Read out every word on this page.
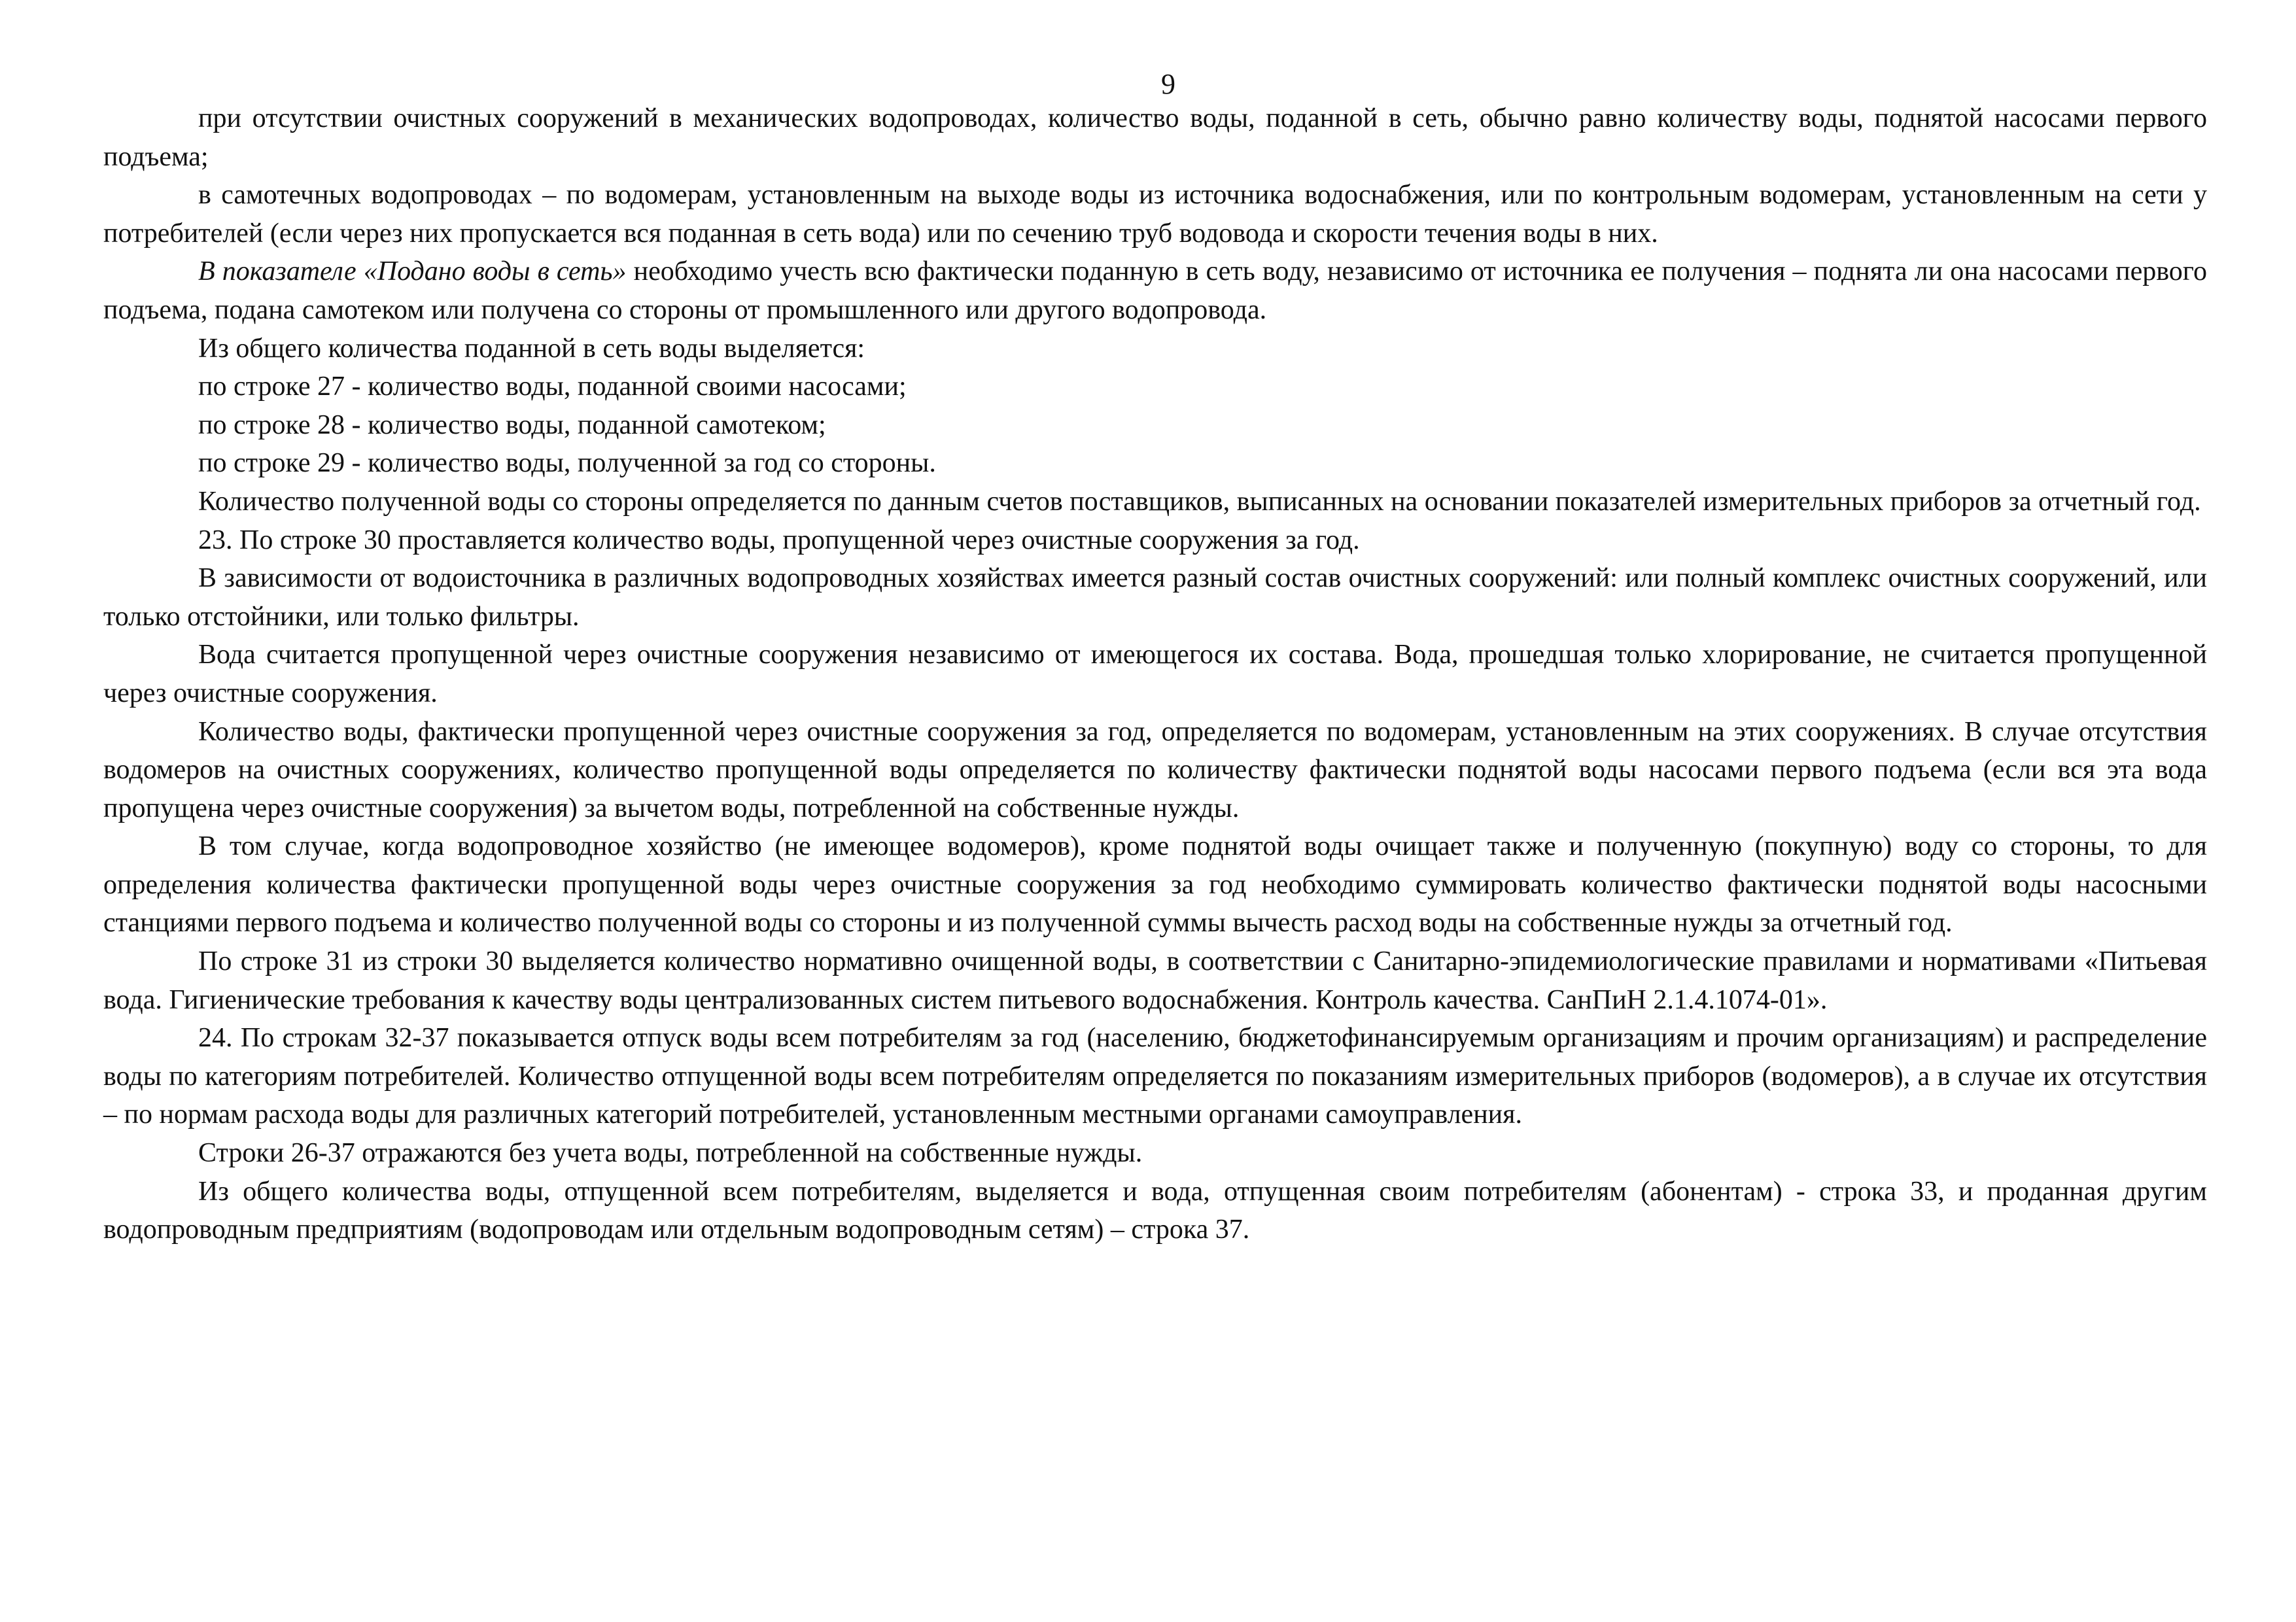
9

при отсутствии очистных сооружений в механических водопроводах, количество воды, поданной в сеть, обычно равно количеству воды, поднятой насосами первого подъема;

в самотечных водопроводах – по водомерам, установленным на выходе воды из источника водоснабжения, или по контрольным водомерам, установленным на сети у потребителей (если через них пропускается вся поданная в сеть вода) или по сечению труб водовода и скорости течения воды в них.

В показателе «Подано воды в сеть» необходимо учесть всю фактически поданную в сеть воду, независимо от источника ее получения – поднята ли она насосами первого подъема, подана самотеком или получена со стороны от промышленного или другого водопровода.

Из общего количества поданной в сеть воды выделяется:

по строке 27 - количество воды, поданной своими насосами;

по строке 28 - количество воды, поданной самотеком;

по строке 29 - количество воды, полученной за год со стороны.

Количество полученной воды со стороны определяется по данным счетов поставщиков, выписанных на основании показателей измерительных приборов за отчетный год.

23. По строке 30 проставляется количество воды, пропущенной через очистные сооружения за год.

В зависимости от водоисточника в различных водопроводных хозяйствах имеется разный состав очистных сооружений: или полный комплекс очистных сооружений, или только отстойники, или только фильтры.

Вода считается пропущенной через очистные сооружения независимо от имеющегося их состава. Вода, прошедшая только хлорирование, не считается пропущенной через очистные сооружения.

Количество воды, фактически пропущенной через очистные сооружения за год, определяется по водомерам, установленным на этих сооружениях. В случае отсутствия водомеров на очистных сооружениях, количество пропущенной воды определяется по количеству фактически поднятой воды насосами первого подъема (если вся эта вода пропущена через очистные сооружения) за вычетом воды, потребленной на собственные нужды.

В том случае, когда водопроводное хозяйство (не имеющее водомеров), кроме поднятой воды очищает также и полученную (покупную) воду со стороны, то для определения количества фактически пропущенной воды через очистные сооружения за год необходимо суммировать количество фактически поднятой воды насосными станциями первого подъема и количество полученной воды со стороны и из полученной суммы вычесть расход воды на собственные нужды за отчетный год.

По строке 31 из строки 30 выделяется количество нормативно очищенной воды, в соответствии с Санитарно-эпидемиологические правилами и нормативами «Питьевая вода. Гигиенические требования к качеству воды централизованных систем питьевого водоснабжения. Контроль качества. СанПиН 2.1.4.1074-01».

24. По строкам 32-37 показывается отпуск воды всем потребителям за год (населению, бюджетофинансируемым организациям и прочим организациям) и распределение воды по категориям потребителей. Количество отпущенной воды всем потребителям определяется по показаниям измерительных приборов (водомеров), а в случае их отсутствия – по нормам расхода воды для различных категорий потребителей, установленным местными органами самоуправления.

Строки 26-37 отражаются без учета воды, потребленной на собственные нужды.

Из общего количества воды, отпущенной всем потребителям, выделяется и вода, отпущенная своим потребителям (абонентам) - строка 33, и проданная другим водопроводным предприятиям (водопроводам или отдельным водопроводным сетям) – строка 37.
